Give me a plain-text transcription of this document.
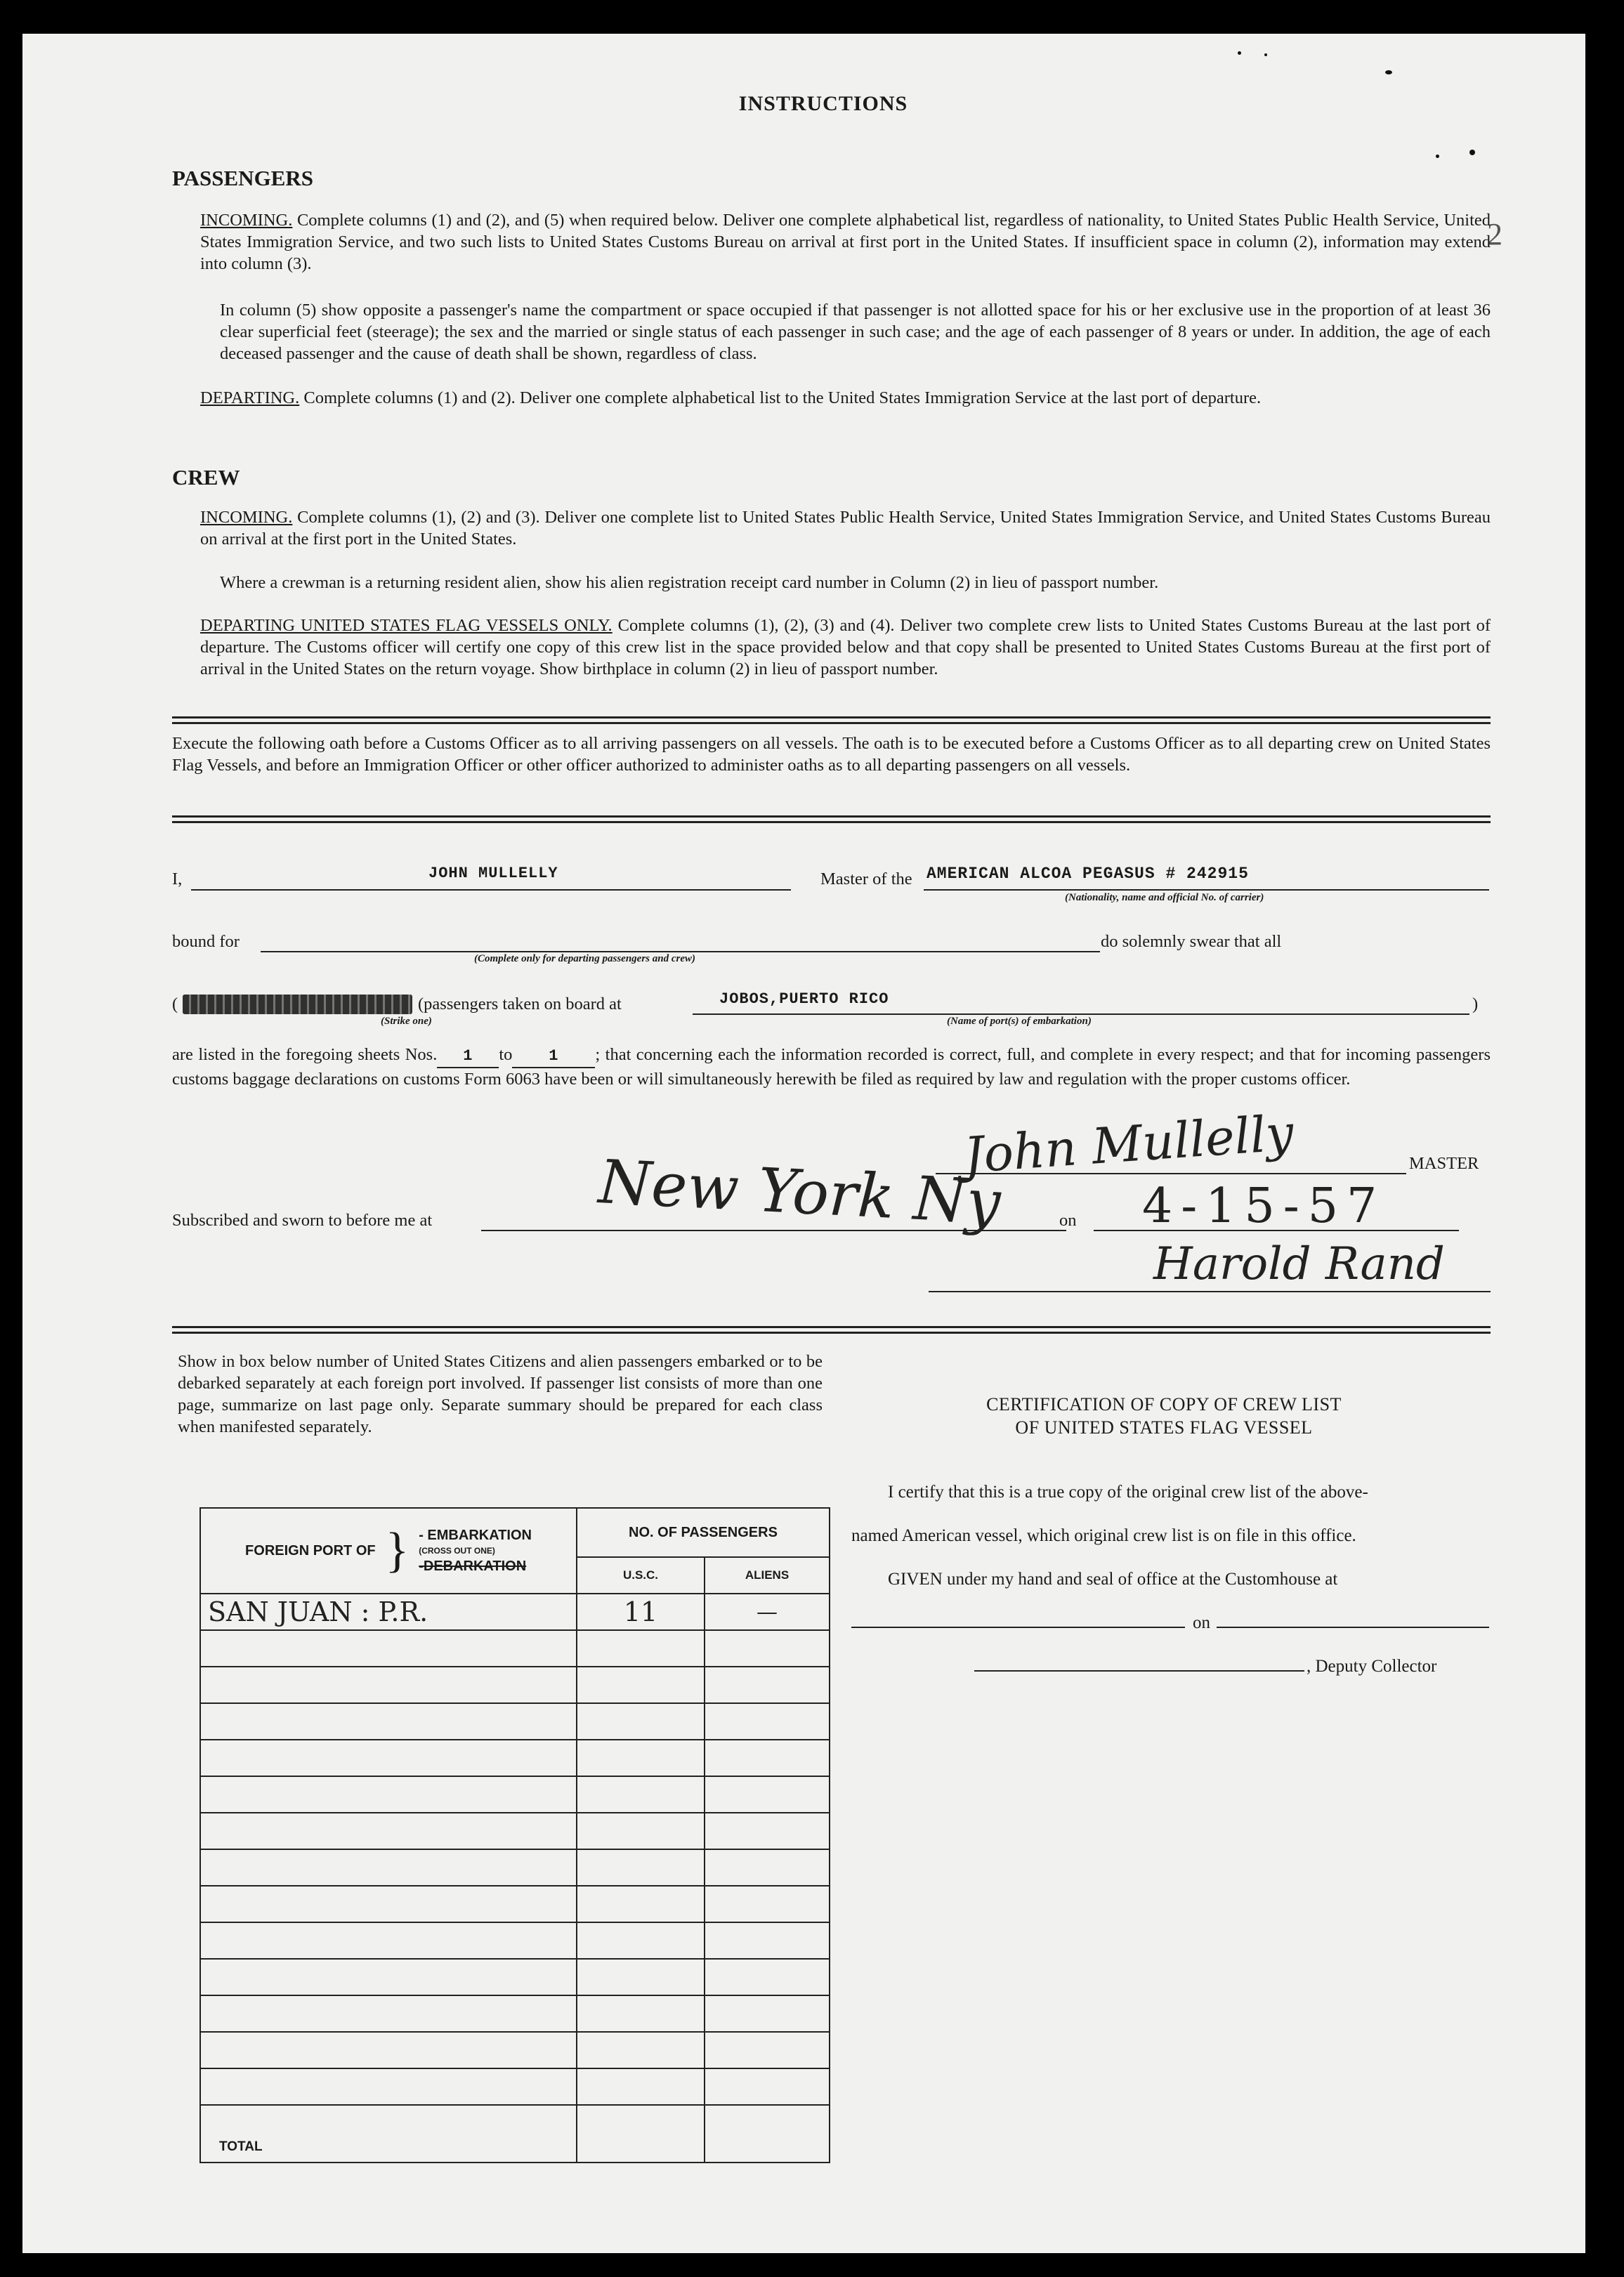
INSTRUCTIONS
2
PASSENGERS
INCOMING. Complete columns (1) and (2), and (5) when required below. Deliver one complete alphabetical list, regardless of nationality, to United States Public Health Service, United States Immigration Service, and two such lists to United States Customs Bureau on arrival at first port in the United States. If insufficient space in column (2), information may extend into column (3).
In column (5) show opposite a passenger's name the compartment or space occupied if that passenger is not allotted space for his or her exclusive use in the proportion of at least 36 clear superficial feet (steerage); the sex and the married or single status of each passenger in such case; and the age of each passenger of 8 years or under. In addition, the age of each deceased passenger and the cause of death shall be shown, regardless of class.
DEPARTING. Complete columns (1) and (2). Deliver one complete alphabetical list to the United States Immigration Service at the last port of departure.
CREW
INCOMING. Complete columns (1), (2) and (3). Deliver one complete list to United States Public Health Service, United States Immigration Service, and United States Customs Bureau on arrival at the first port in the United States.
Where a crewman is a returning resident alien, show his alien registration receipt card number in Column (2) in lieu of passport number.
DEPARTING UNITED STATES FLAG VESSELS ONLY. Complete columns (1), (2), (3) and (4). Deliver two complete crew lists to United States Customs Bureau at the last port of departure. The Customs officer will certify one copy of this crew list in the space provided below and that copy shall be presented to United States Customs Bureau at the first port of arrival in the United States on the return voyage. Show birthplace in column (2) in lieu of passport number.
Execute the following oath before a Customs Officer as to all arriving passengers on all vessels. The oath is to be executed before a Customs Officer as to all departing crew on United States Flag Vessels, and before an Immigration Officer or other officer authorized to administer oaths as to all departing passengers on all vessels.
I,	JOHN MULLELLY	Master of the AMERICAN ALCOA PEGASUS # 242915
(Nationality, name and official No. of carrier)
bound for
(Complete only for departing passengers and crew)
do solemnly swear that all
(
(Strike one)
(passengers taken on board at	JOBOS,PUERTO RICO
(Name of port(s) of embarkation)
)
are listed in the foregoing sheets Nos. 1 to 1 ; that concerning each the information recorded is correct, full, and complete in every respect; and that for incoming passengers customs baggage declarations on customs Form 6063 have been or will simultaneously herewith be filed as required by law and regulation with the proper customs officer.
John Mullelly	MASTER
Subscribed and sworn to before me at	New York Ny	on 4-15-57
Harold Rand
Show in box below number of United States Citizens and alien passengers embarked or to be debarked separately at each foreign port involved. If passenger list consists of more than one page, summarize on last page only. Separate summary should be prepared for each class when manifested separately.
FOREIGN PORT OF } - EMBARKATION
(CROSS OUT ONE)
-DEBARKATION	NO. OF PASSENGERS	
	U.S.C.	ALIENS
SAN JUAN : P.R.	11	—

TOTAL		
CERTIFICATION OF COPY OF CREW LIST
OF UNITED STATES FLAG VESSEL
I certify that this is a true copy of the original crew list of the above-
named American vessel, which original crew list is on file in this office.
GIVEN under my hand and seal of office at the Customhouse at
on
, Deputy Collector
